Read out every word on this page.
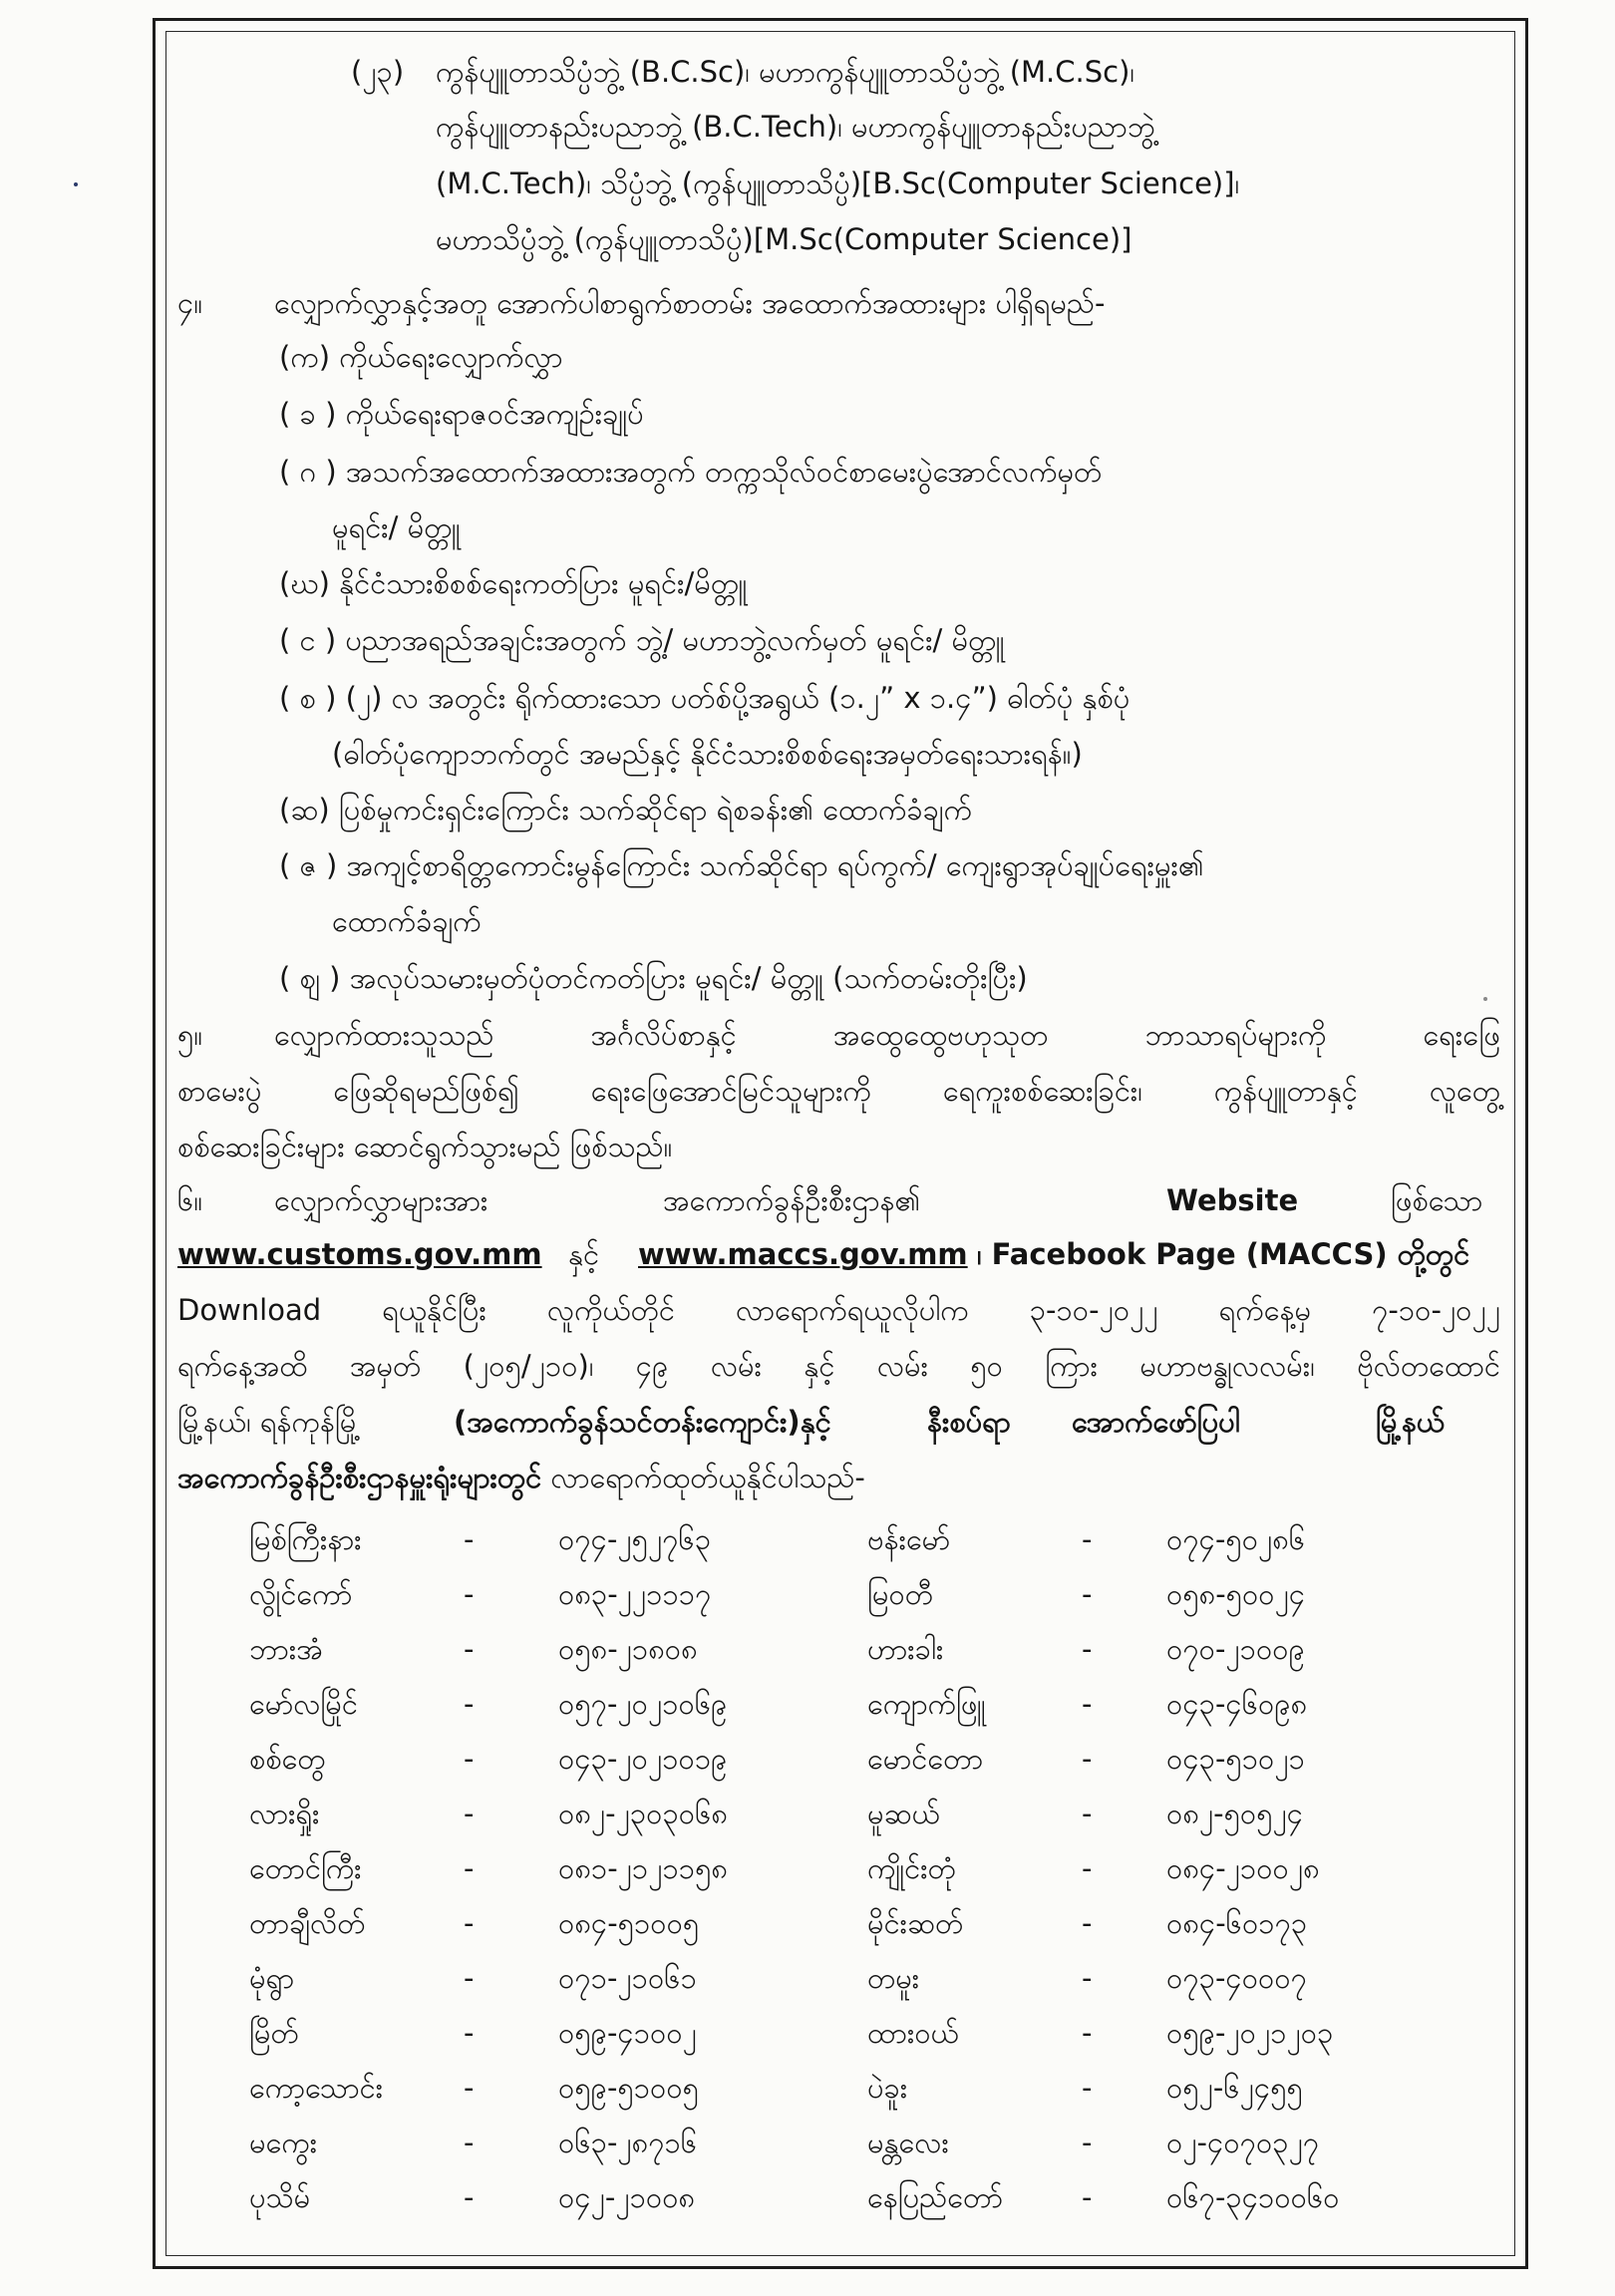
(၂၃) ကွန်ပျူတာသိပ္ပံဘွဲ့ (B.C.Sc)၊ မဟာကွန်ပျူတာသိပ္ပံဘွဲ့ (M.C.Sc)၊
ကွန်ပျူတာနည်းပညာဘွဲ့ (B.C.Tech)၊ မဟာကွန်ပျူတာနည်းပညာဘွဲ့
(M.C.Tech)၊ သိပ္ပံဘွဲ့ (ကွန်ပျူတာသိပ္ပံ)[B.Sc(Computer Science)]၊
မဟာသိပ္ပံဘွဲ့ (ကွန်ပျူတာသိပ္ပံ)[M.Sc(Computer Science)]
၄။ လျှောက်လွှာနှင့်အတူ အောက်ပါစာရွက်စာတမ်း အထောက်အထားများ ပါရှိရမည်-
(က) ကိုယ်ရေးလျှောက်လွှာ
( ခ ) ကိုယ်ရေးရာဇဝင်အကျဉ်းချုပ်
( ဂ ) အသက်အထောက်အထားအတွက် တက္ကသိုလ်ဝင်စာမေးပွဲအောင်လက်မှတ်
မူရင်း/ မိတ္တူ
(ဃ) နိုင်ငံသားစိစစ်ရေးကတ်ပြား မူရင်း/မိတ္တူ
( င ) ပညာအရည်အချင်းအတွက် ဘွဲ့/ မဟာဘွဲ့လက်မှတ် မူရင်း/ မိတ္တူ
( စ ) (၂) လ အတွင်း ရိုက်ထားသော ပတ်စ်ပို့အရွယ် (၁.၂” x ၁.၄”) ဓါတ်ပုံ နှစ်ပုံ
(ဓါတ်ပုံကျောဘက်တွင် အမည်နှင့် နိုင်ငံသားစိစစ်ရေးအမှတ်ရေးသားရန်။)
(ဆ) ပြစ်မှုကင်းရှင်းကြောင်း သက်ဆိုင်ရာ ရဲစခန်း၏ ထောက်ခံချက်
( ဇ ) အကျင့်စာရိတ္တကောင်းမွန်ကြောင်း သက်ဆိုင်ရာ ရပ်ကွက်/ ကျေးရွာအုပ်ချုပ်ရေးမှူး၏
ထောက်ခံချက်
( ဈ ) အလုပ်သမားမှတ်ပုံတင်ကတ်ပြား မူရင်း/ မိတ္တူ (သက်တမ်းတိုးပြီး)
၅။ လျှောက်ထားသူသည် အင်္ဂလိပ်စာနှင့် အထွေထွေဗဟုသုတ ဘာသာရပ်များကို ရေးဖြေ
စာမေးပွဲ ဖြေဆိုရမည်ဖြစ်၍ ရေးဖြေအောင်မြင်သူများကို ရေကူးစစ်ဆေးခြင်း၊ ကွန်ပျူတာနှင့် လူတွေ့
စစ်ဆေးခြင်းများ ဆောင်ရွက်သွားမည် ဖြစ်သည်။
၆။ လျှောက်လွှာများအား	အကောက်ခွန်ဦးစီးဌာန၏	Website	ဖြစ်သော
www.customs.gov.mm နှင့် www.maccs.gov.mm ၊ Facebook Page (MACCS) တို့တွင်
Download ရယူနိုင်ပြီး လူကိုယ်တိုင် လာရောက်ရယူလိုပါက ၃-၁၀-၂၀၂၂ ရက်နေ့မှ ၇-၁၀-၂၀၂၂
ရက်နေ့အထိ အမှတ် (၂၀၅/၂၁၀)၊ ၄၉ လမ်း နှင့် လမ်း ၅၀ ကြား မဟာဗန္ဓုလလမ်း၊ ဗိုလ်တထောင်
မြို့နယ်၊ ရန်ကုန်မြို့	(အကောက်ခွန်သင်တန်းကျောင်း)နှင့်	နီးစပ်ရာ အောက်ဖော်ပြပါ	မြို့နယ်
အကောက်ခွန်ဦးစီးဌာနမှူးရုံးများတွင် လာရောက်ထုတ်ယူနိုင်ပါသည်-
မြစ်ကြီးနား	-	၀၇၄-၂၅၂၇၆၃	ဗန်းမော်	-	၀၇၄-၅၀၂၈၆
လွိုင်ကော်	-	၀၈၃-၂၂၁၁၁၇	မြဝတီ	-	၀၅၈-၅၀၀၂၄
ဘားအံ	-	၀၅၈-၂၁၈၀၈	ဟားခါး	-	၀၇၀-၂၁၀၀၉
မော်လမြိုင်	-	၀၅၇-၂၀၂၁၀၆၉	ကျောက်ဖြူ	-	၀၄၃-၄၆၀၉၈
စစ်တွေ	-	၀၄၃-၂၀၂၁၀၁၉	မောင်တော	-	၀၄၃-၅၁၀၂၁
လားရှိုး	-	၀၈၂-၂၃၀၃၀၆၈	မူဆယ်	-	၀၈၂-၅၀၅၂၄
တောင်ကြီး	-	၀၈၁-၂၁၂၁၁၅၈	ကျိုင်းတုံ	-	၀၈၄-၂၁၀၀၂၈
တာချီလိတ်	-	၀၈၄-၅၁၀၀၅	မိုင်းဆတ်	-	၀၈၄-၆၀၁၇၃
မုံရွာ	-	၀၇၁-၂၁၀၆၁	တမူး	-	၀၇၃-၄၀၀၀၇
မြိတ်	-	၀၅၉-၄၁၀၀၂	ထားဝယ်	-	၀၅၉-၂၀၂၁၂၀၃
ကော့သောင်း	-	၀၅၉-၅၁၀၀၅	ပဲခူး	-	၀၅၂-၆၂၄၅၅
မကွေး	-	၀၆၃-၂၈၇၁၆	မန္တလေး	-	၀၂-၄၀၇၀၃၂၇
ပုသိမ်	-	၀၄၂-၂၁၀၀၈	နေပြည်တော်	-	၀၆၇-၃၄၁၀၀၆၀
